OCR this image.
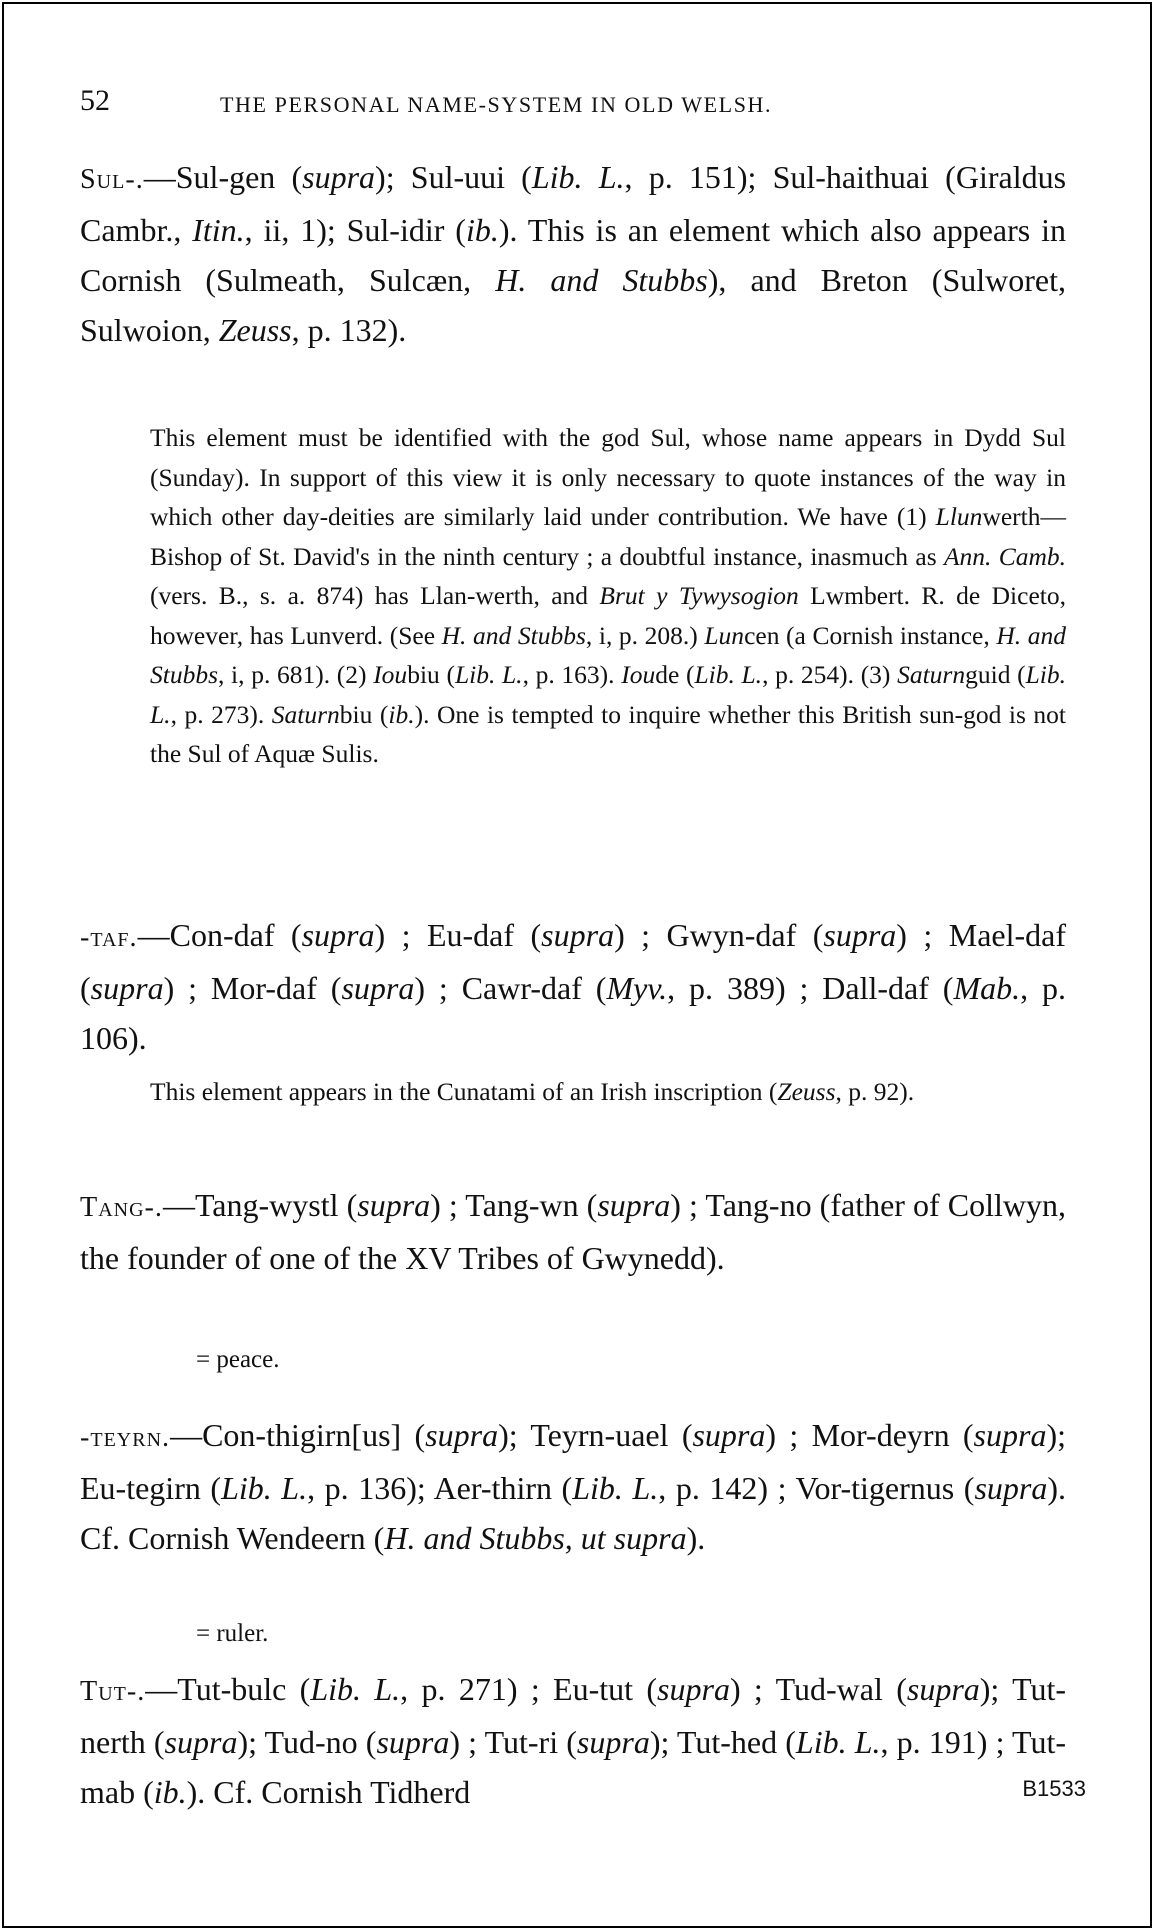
52	THE PERSONAL NAME-SYSTEM IN OLD WELSH.

Sul-.—Sul-gen (supra); Sul-uui (Lib. L., p. 151); Sul-haithuai (Giraldus Cambr., Itin., ii, 1); Sul-idir (ib.). This is an element which also appears in Cornish (Sulmeath, Sulcæn, H. and Stubbs), and Breton (Sulworet, Sulwoion, Zeuss, p. 132).

This element must be identified with the god Sul, whose name appears in Dydd Sul (Sunday). In support of this view it is only necessary to quote instances of the way in which other day-deities are similarly laid under contribution. We have (1) Llunwerth—Bishop of St. David's in the ninth century ; a doubtful instance, inasmuch as Ann. Camb. (vers. B., s. a. 874) has Llan-werth, and Brut y Tywysogion Lwmbert. R. de Diceto, however, has Lunverd. (See H. and Stubbs, i, p. 208.) Luncen (a Cornish instance, H. and Stubbs, i, p. 681). (2) Ioubiu (Lib. L., p. 163). Ioude (Lib. L., p. 254). (3) Saturnguid (Lib. L., p. 273). Saturnbiu (ib.). One is tempted to inquire whether this British sun-god is not the Sul of Aquæ Sulis.

-taf.—Con-daf (supra) ; Eu-daf (supra) ; Gwyn-daf (supra) ; Mael-daf (supra) ; Mor-daf (supra) ; Cawr-daf (Myv., p. 389) ; Dall-daf (Mab., p. 106).

This element appears in the Cunatami of an Irish inscription (Zeuss, p. 92).

Tang-.—Tang-wystl (supra) ; Tang-wn (supra) ; Tang-no (father of Collwyn, the founder of one of the XV Tribes of Gwynedd).

= peace.

-teyrn.—Con-thigirn[us] (supra); Teyrn-uael (supra) ; Mor-deyrn (supra); Eu-tegirn (Lib. L., p. 136); Aer-thirn (Lib. L., p. 142) ; Vor-tigernus (supra). Cf. Cornish Wendeern (H. and Stubbs, ut supra).

= ruler.

Tut-.—Tut-bulc (Lib. L., p. 271) ; Eu-tut (supra) ; Tud-wal (supra); Tut-nerth (supra); Tud-no (supra) ; Tut-ri (supra); Tut-hed (Lib. L., p. 191) ; Tut-mab (ib.). Cf. Cornish Tidherd	B1533
